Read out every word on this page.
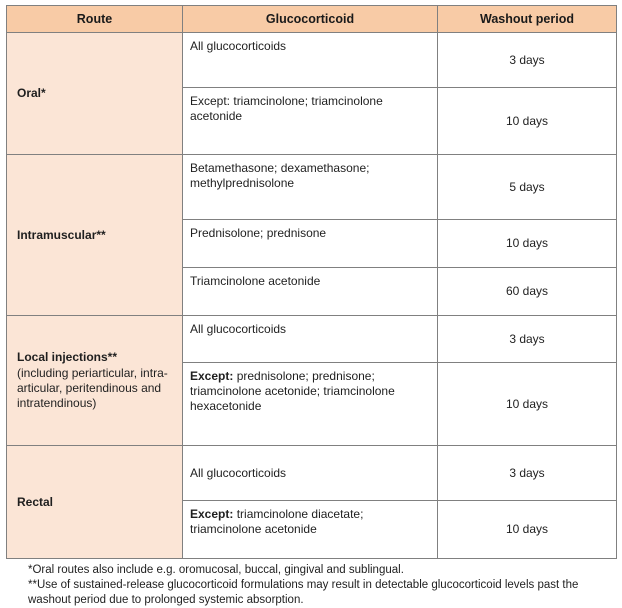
Route	Glucocorticoid	Washout period
Oral*	All glucocorticoids	3 days
	Except: triamcinolone; triamcinolone acetonide	10 days
Intramuscular**	Betamethasone; dexamethasone; methylprednisolone	5 days
	Prednisolone; prednisone	10 days
	Triamcinolone acetonide	60 days
Local injections**
(including periarticular, intra-articular, peritendinous and intratendinous)	All glucocorticoids	3 days
	Except: prednisolone; prednisone; triamcinolone acetonide; triamcinolone hexacetonide	10 days
Rectal	All glucocorticoids	3 days
	Except: triamcinolone diacetate; triamcinolone acetonide	10 days
*Oral routes also include e.g. oromucosal, buccal, gingival and sublingual.
**Use of sustained-release glucocorticoid formulations may result in detectable glucocorticoid levels past the washout period due to prolonged systemic absorption.
